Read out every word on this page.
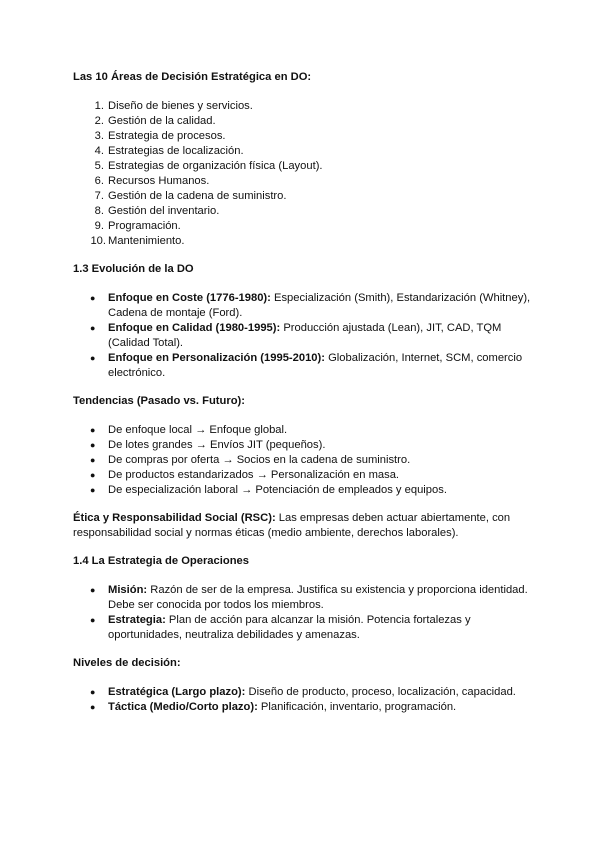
Las 10 Áreas de Decisión Estratégica en DO:
1. Diseño de bienes y servicios.
2. Gestión de la calidad.
3. Estrategia de procesos.
4. Estrategias de localización.
5. Estrategias de organización física (Layout).
6. Recursos Humanos.
7. Gestión de la cadena de suministro.
8. Gestión del inventario.
9. Programación.
10. Mantenimiento.
1.3 Evolución de la DO
● Enfoque en Coste (1776-1980): Especialización (Smith), Estandarización (Whitney), Cadena de montaje (Ford).
● Enfoque en Calidad (1980-1995): Producción ajustada (Lean), JIT, CAD, TQM (Calidad Total).
● Enfoque en Personalización (1995-2010): Globalización, Internet, SCM, comercio electrónico.
Tendencias (Pasado vs. Futuro):
● De enfoque local → Enfoque global.
● De lotes grandes → Envíos JIT (pequeños).
● De compras por oferta → Socios en la cadena de suministro.
● De productos estandarizados → Personalización en masa.
● De especialización laboral → Potenciación de empleados y equipos.

Ética y Responsabilidad Social (RSC): Las empresas deben actuar abiertamente, con responsabilidad social y normas éticas (medio ambiente, derechos laborales).

1.4 La Estrategia de Operaciones
● Misión: Razón de ser de la empresa. Justifica su existencia y proporciona identidad. Debe ser conocida por todos los miembros.
● Estrategia: Plan de acción para alcanzar la misión. Potencia fortalezas y oportunidades, neutraliza debilidades y amenazas.
Niveles de decisión:
● Estratégica (Largo plazo): Diseño de producto, proceso, localización, capacidad.
● Táctica (Medio/Corto plazo): Planificación, inventario, programación.
